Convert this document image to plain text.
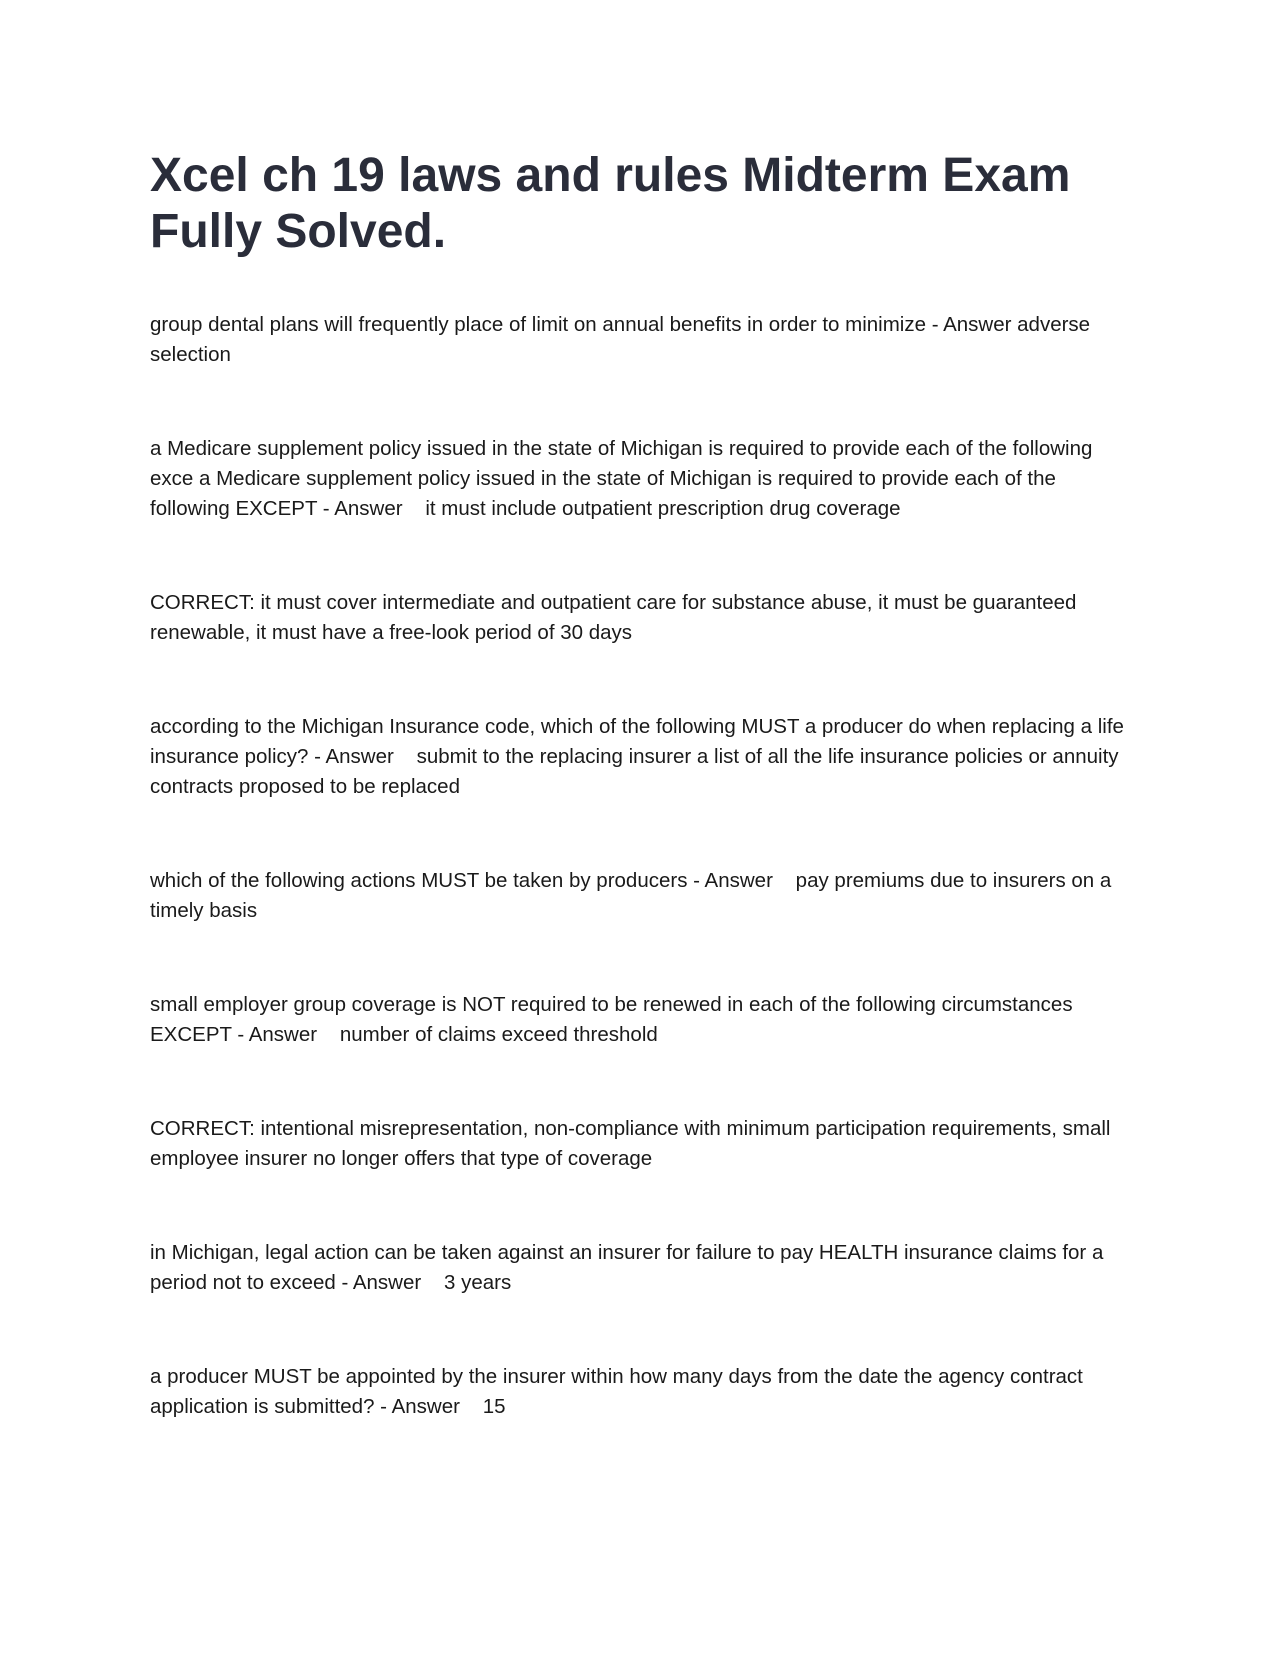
Xcel ch 19 laws and rules Midterm Exam Fully Solved.

group dental plans will frequently place of limit on annual benefits in order to minimize - Answer adverse selection

a Medicare supplement policy issued in the state of Michigan is required to provide each of the following exce a Medicare supplement policy issued in the state of Michigan is required to provide each of the following EXCEPT - Answer    it must include outpatient prescription drug coverage

CORRECT: it must cover intermediate and outpatient care for substance abuse, it must be guaranteed renewable, it must have a free-look period of 30 days

according to the Michigan Insurance code, which of the following MUST a producer do when replacing a life insurance policy? - Answer    submit to the replacing insurer a list of all the life insurance policies or annuity contracts proposed to be replaced

which of the following actions MUST be taken by producers - Answer    pay premiums due to insurers on a timely basis

small employer group coverage is NOT required to be renewed in each of the following circumstances EXCEPT - Answer    number of claims exceed threshold

CORRECT: intentional misrepresentation, non-compliance with minimum participation requirements, small employee insurer no longer offers that type of coverage

in Michigan, legal action can be taken against an insurer for failure to pay HEALTH insurance claims for a period not to exceed - Answer    3 years

a producer MUST be appointed by the insurer within how many days from the date the agency contract application is submitted? - Answer    15
